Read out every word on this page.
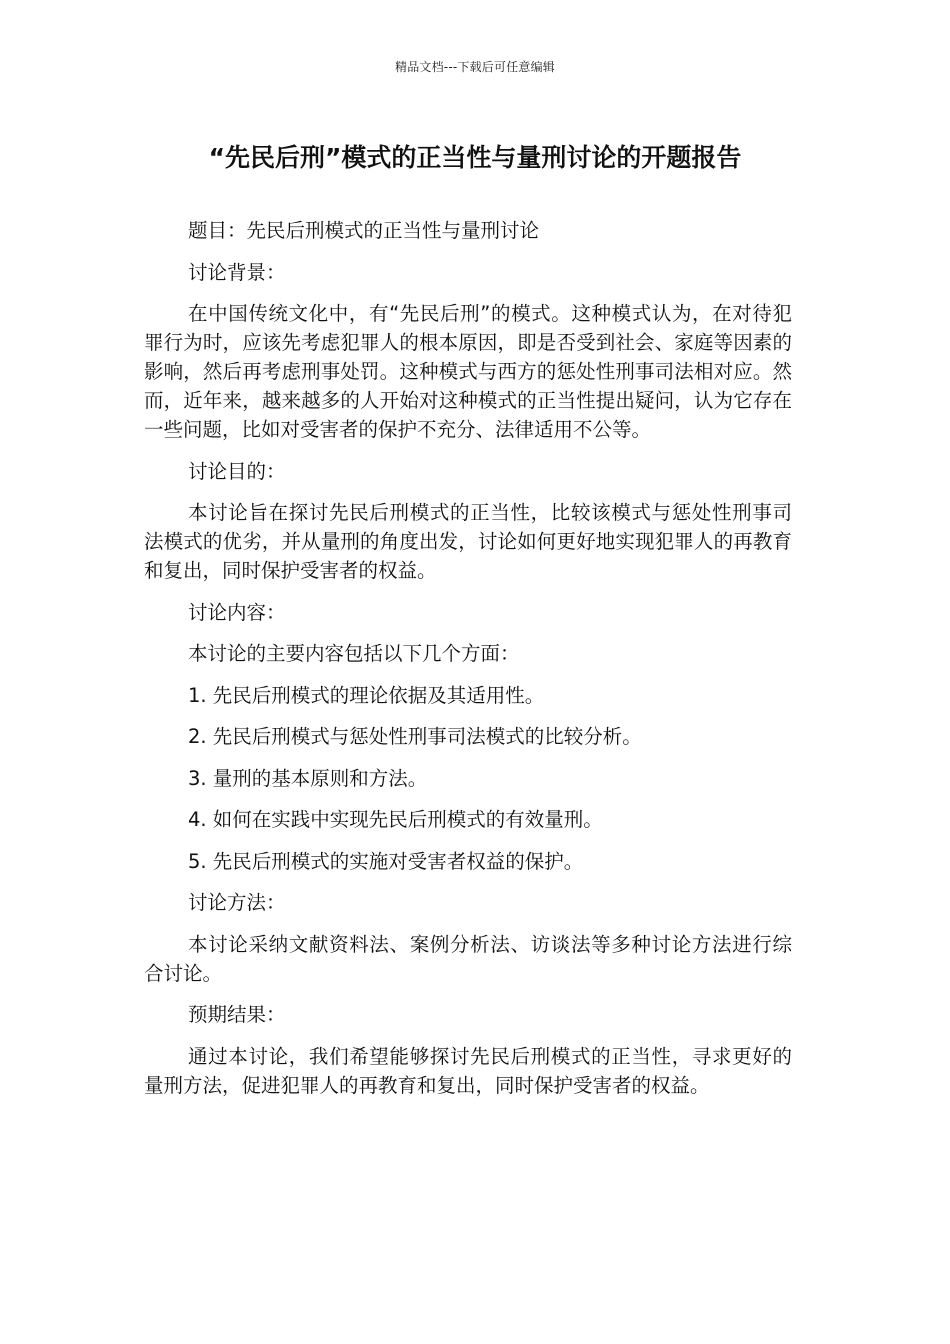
精品文档---下载后可任意编辑
“先民后刑”模式的正当性与量刑讨论的开题报告

题目：先民后刑模式的正当性与量刑讨论

讨论背景：

在中国传统文化中，有“先民后刑”的模式。这种模式认为，在对待犯罪行为时，应该先考虑犯罪人的根本原因，即是否受到社会、家庭等因素的影响，然后再考虑刑事处罚。这种模式与西方的惩处性刑事司法相对应。然而，近年来，越来越多的人开始对这种模式的正当性提出疑问，认为它存在一些问题，比如对受害者的保护不充分、法律适用不公等。

讨论目的：

本讨论旨在探讨先民后刑模式的正当性，比较该模式与惩处性刑事司法模式的优劣，并从量刑的角度出发，讨论如何更好地实现犯罪人的再教育和复出，同时保护受害者的权益。

讨论内容：

本讨论的主要内容包括以下几个方面：

1. 先民后刑模式的理论依据及其适用性。

2. 先民后刑模式与惩处性刑事司法模式的比较分析。

3. 量刑的基本原则和方法。

4. 如何在实践中实现先民后刑模式的有效量刑。

5. 先民后刑模式的实施对受害者权益的保护。

讨论方法：

本讨论采纳文献资料法、案例分析法、访谈法等多种讨论方法进行综合讨论。

预期结果：

通过本讨论，我们希望能够探讨先民后刑模式的正当性，寻求更好的量刑方法，促进犯罪人的再教育和复出，同时保护受害者的权益。
